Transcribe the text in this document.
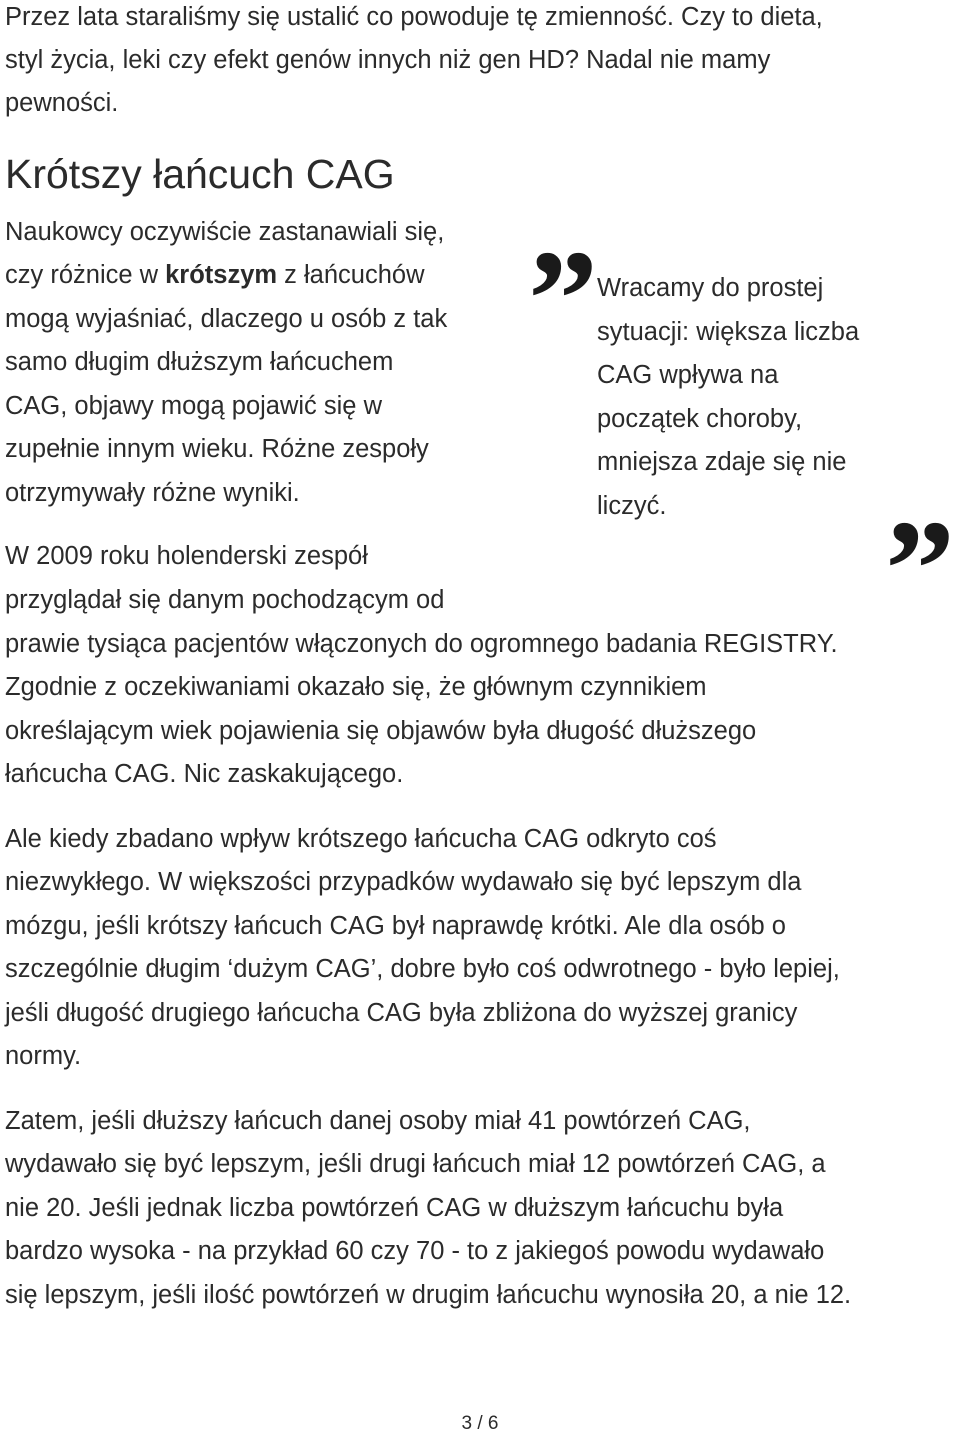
Przez lata staraliśmy się ustalić co powoduje tę zmienność. Czy to dieta,
styl życia, leki czy efekt genów innych niż gen HD? Nadal nie mamy
pewności.
Krótszy łańcuch CAG
Naukowcy oczywiście zastanawiali się,
czy różnice w krótszym z łańcuchów
mogą wyjaśniać, dlaczego u osób z tak
samo długim dłuższym łańcuchem
CAG, objawy mogą pojawić się w
zupełnie innym wieku. Różne zespoły
otrzymywały różne wyniki.
” Wracamy do prostej
sytuacji: większa liczba
CAG wpływa na
początek choroby,
mniejsza zdaje się nie
liczyć. ”
W 2009 roku holenderski zespół
przyglądał się danym pochodzącym od
prawie tysiąca pacjentów włączonych do ogromnego badania REGISTRY.
Zgodnie z oczekiwaniami okazało się, że głównym czynnikiem
określającym wiek pojawienia się objawów była długość dłuższego
łańcucha CAG. Nic zaskakującego.
Ale kiedy zbadano wpływ krótszego łańcucha CAG odkryto coś
niezwykłego. W większości przypadków wydawało się być lepszym dla
mózgu, jeśli krótszy łańcuch CAG był naprawdę krótki. Ale dla osób o
szczególnie długim ‘dużym CAG’, dobre było coś odwrotnego - było lepiej,
jeśli długość drugiego łańcucha CAG była zbliżona do wyższej granicy
normy.
Zatem, jeśli dłuższy łańcuch danej osoby miał 41 powtórzeń CAG,
wydawało się być lepszym, jeśli drugi łańcuch miał 12 powtórzeń CAG, a
nie 20. Jeśli jednak liczba powtórzeń CAG w dłuższym łańcuchu była
bardzo wysoka - na przykład 60 czy 70 - to z jakiegoś powodu wydawało
się lepszym, jeśli ilość powtórzeń w drugim łańcuchu wynosiła 20, a nie 12.
3 / 6
